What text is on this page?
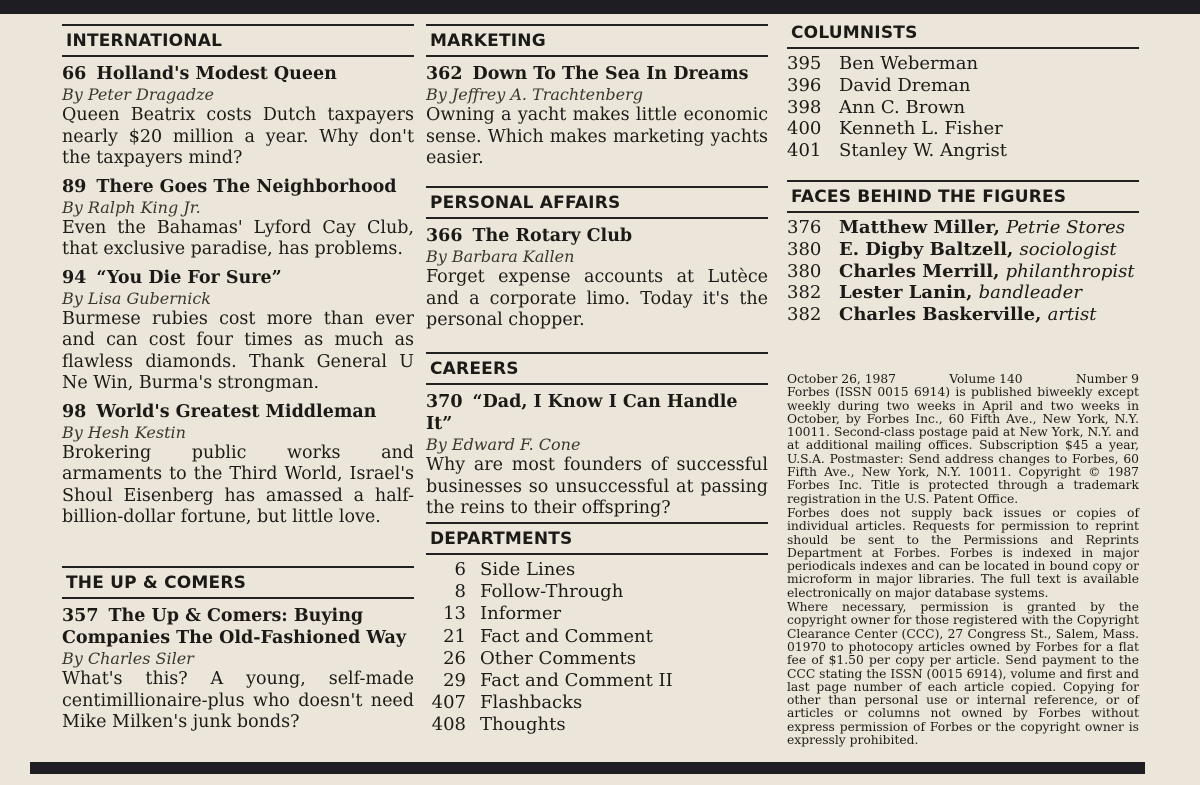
INTERNATIONAL
66 Holland's Modest Queen
By Peter Dragadze
Queen Beatrix costs Dutch taxpayers nearly $20 million a year. Why don't the taxpayers mind?
89 There Goes The Neighborhood
By Ralph King Jr.
Even the Bahamas' Lyford Cay Club, that exclusive paradise, has problems.
94 “You Die For Sure”
By Lisa Gubernick
Burmese rubies cost more than ever and can cost four times as much as flawless diamonds. Thank General U Ne Win, Burma's strongman.
98 World's Greatest Middleman
By Hesh Kestin
Brokering public works and armaments to the Third World, Israel's Shoul Eisenberg has amassed a half-billion-dollar fortune, but little love.
THE UP & COMERS
357 The Up & Comers: Buying Companies The Old-Fashioned Way
By Charles Siler
What's this? A young, self-made centimillionaire-plus who doesn't need Mike Milken's junk bonds?
MARKETING
362 Down To The Sea In Dreams
By Jeffrey A. Trachtenberg
Owning a yacht makes little economic sense. Which makes marketing yachts easier.
PERSONAL AFFAIRS
366 The Rotary Club
By Barbara Kallen
Forget expense accounts at Lutèce and a corporate limo. Today it's the personal chopper.
CAREERS
370 “Dad, I Know I Can Handle It”
By Edward F. Cone
Why are most founders of successful businesses so unsuccessful at passing the reins to their offspring?
DEPARTMENTS
6 Side Lines
8 Follow-Through
13 Informer
21 Fact and Comment
26 Other Comments
29 Fact and Comment II
407 Flashbacks
408 Thoughts
COLUMNISTS
395 Ben Weberman
396 David Dreman
398 Ann C. Brown
400 Kenneth L. Fisher
401 Stanley W. Angrist
FACES BEHIND THE FIGURES
376 Matthew Miller, Petrie Stores
380 E. Digby Baltzell, sociologist
380 Charles Merrill, philanthropist
382 Lester Lanin, bandleader
382 Charles Baskerville, artist
October 26, 1987	Volume 140	Number 9

Forbes (ISSN 0015 6914) is published biweekly except weekly during two weeks in April and two weeks in October, by Forbes Inc., 60 Fifth Ave., New York, N.Y. 10011. Second-class postage paid at New York, N.Y. and at additional mailing offices. Subscription $45 a year, U.S.A. Postmaster: Send address changes to Forbes, 60 Fifth Ave., New York, N.Y. 10011. Copyright © 1987 Forbes Inc. Title is protected through a trademark registration in the U.S. Patent Office.

Forbes does not supply back issues or copies of individual articles. Requests for permission to reprint should be sent to the Permissions and Reprints Department at Forbes. Forbes is indexed in major periodicals indexes and can be located in bound copy or microform in major libraries. The full text is available electronically on major database systems.

Where necessary, permission is granted by the copyright owner for those registered with the Copyright Clearance Center (CCC), 27 Congress St., Salem, Mass. 01970 to photocopy articles owned by Forbes for a flat fee of $1.50 per copy per article. Send payment to the CCC stating the ISSN (0015 6914), volume and first and last page number of each article copied. Copying for other than personal use or internal reference, or of articles or columns not owned by Forbes without express permission of Forbes or the copyright owner is expressly prohibited.
